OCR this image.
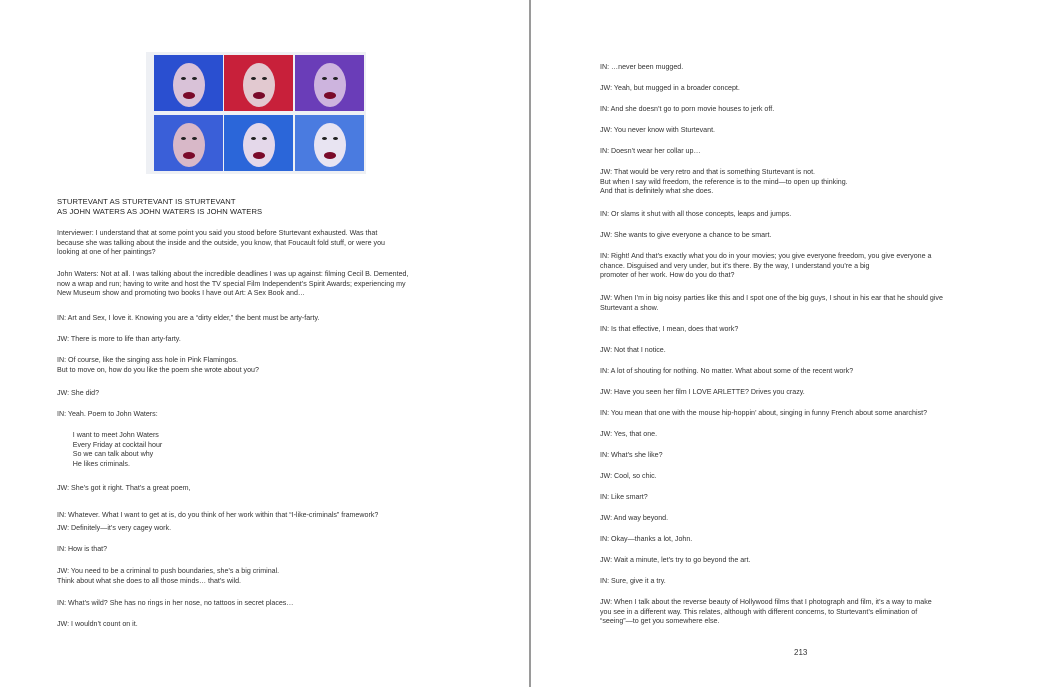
STURTEVANT AS STURTEVANT IS STURTEVANT
AS JOHN WATERS AS JOHN WATERS IS JOHN WATERS
Interviewer: I understand that at some point you said you stood before Sturtevant exhausted. Was that
because she was talking about the inside and the outside, you know, that Foucault fold stuff, or were you
looking at one of her paintings?
John Waters: Not at all. I was talking about the incredible deadlines I was up against: filming Cecil B. Demented,
now a wrap and run; having to write and host the TV special Film Independent’s Spirit Awards; experiencing my
New Museum show and promoting two books I have out Art: A Sex Book and…
IN: Art and Sex, I love it. Knowing you are a “dirty elder,” the bent must be arty-farty.
JW: There is more to life than arty-farty.
IN: Of course, like the singing ass hole in Pink Flamingos.
But to move on, how do you like the poem she wrote about you?
JW: She did?
IN: Yeah. Poem to John Waters:
I want to meet John Waters
Every Friday at cocktail hour
So we can talk about why
He likes criminals.
JW: She’s got it right. That’s a great poem,
IN: Whatever. What I want to get at is, do you think of her work within that “I-like-criminals” framework?
JW: Definitely—it’s very cagey work.
IN: How is that?
JW: You need to be a criminal to push boundaries, she’s a big criminal.
Think about what she does to all those minds… that’s wild.
IN: What’s wild? She has no rings in her nose, no tattoos in secret places…
JW: I wouldn’t count on it.
IN: …never been mugged.
JW: Yeah, but mugged in a broader concept.
IN: And she doesn’t go to porn movie houses to jerk off.
JW: You never know with Sturtevant.
IN: Doesn’t wear her collar up…
JW: That would be very retro and that is something Sturtevant is not.
But when I say wild freedom, the reference is to the mind—to open up thinking.
And that is definitely what she does.
IN: Or slams it shut with all those concepts, leaps and jumps.
JW: She wants to give everyone a chance to be smart.
IN: Right! And that’s exactly what you do in your movies; you give everyone freedom, you give everyone a
chance. Disguised and very under, but it’s there. By the way, I understand you’re a big
promoter of her work. How do you do that?
JW: When I’m in big noisy parties like this and I spot one of the big guys, I shout in his ear that he should give
Sturtevant a show.
IN: Is that effective, I mean, does that work?
JW: Not that I notice.
IN: A lot of shouting for nothing. No matter. What about some of the recent work?
JW: Have you seen her film I LOVE ARLETTE? Drives you crazy.
IN: You mean that one with the mouse hip-hoppin’ about, singing in funny French about some anarchist?
JW: Yes, that one.
IN: What’s she like?
JW: Cool, so chic.
IN: Like smart?
JW: And way beyond.
IN: Okay—thanks a lot, John.
JW: Wait a minute, let’s try to go beyond the art.
IN: Sure, give it a try.
JW: When I talk about the reverse beauty of Hollywood films that I photograph and film, it’s a way to make
you see in a different way. This relates, although with different concerns, to Sturtevant’s elimination of
“seeing”—to get you somewhere else.
213
